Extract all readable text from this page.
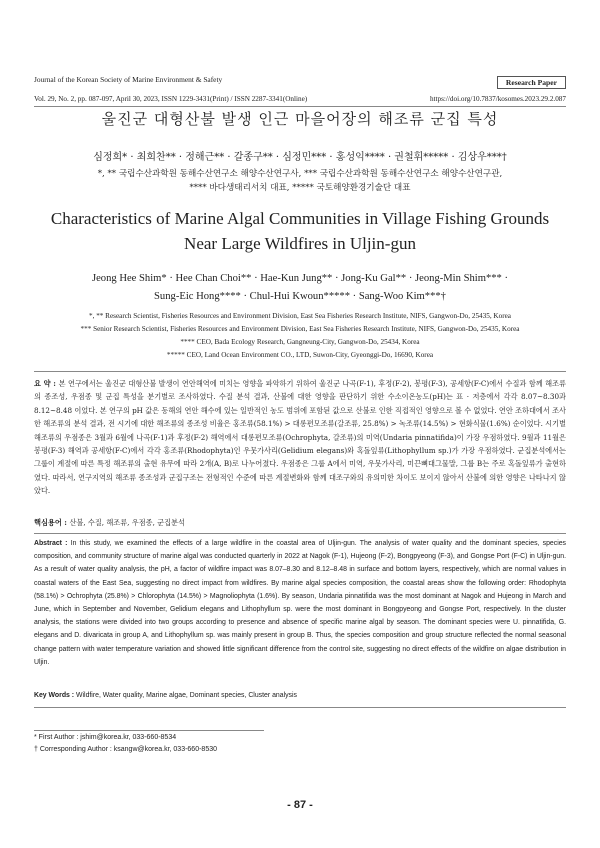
Journal of the Korean Society of Marine Environment & Safety	Research Paper
Vol. 29, No. 2, pp. 087-097, April 30, 2023, ISSN 1229-3431(Print) / ISSN 2287-3341(Online)	https://doi.org/10.7837/kosomes.2023.29.2.087
울진군 대형산불 발생 인근 마을어장의 해조류 군집 특성
심정희* · 최희찬** · 정해근** · 갈종구** · 심정민*** · 홍성익**** · 권철휘***** · 김상우***†
*, ** 국립수산과학원 동해수산연구소 해양수산연구사, *** 국립수산과학원 동해수산연구소 해양수산연구관,
**** 바다생태리서치 대표, ***** 국토해양환경기술단 대표
Characteristics of Marine Algal Communities in Village Fishing Grounds
Near Large Wildfires in Uljin-gun
Jeong Hee Shim* · Hee Chan Choi** · Hae-Kun Jung** · Jong-Ku Gal** · Jeong-Min Shim*** ·
Sung-Eic Hong**** · Chul-Hui Kwoun***** · Sang-Woo Kim***†
*, ** Research Scientist, Fisheries Resources and Environment Division, East Sea Fisheries Research Institute, NIFS, Gangwon-Do, 25435, Korea
*** Senior Research Scientist, Fisheries Resources and Environment Division, East Sea Fisheries Research Institute, NIFS, Gangwon-Do, 25435, Korea
**** CEO, Bada Ecology Research, Gangneung-City, Gangwon-Do, 25434, Korea
***** CEO, Land Ocean Environment CO., LTD, Suwon-City, Gyeonggi-Do, 16690, Korea
요 약 : 본 연구에서는 울진군 대형산불 발생이 연안해역에 미치는 영향을 파악하기 위하여 울진군 나곡(F-1), 후정(F-2), 봉평(F-3), 공세항(F-C)에서 수질과 함께 해조류의 종조성, 우점종 및 군집 특성을 분기별로 조사하였다. 수질 분석 결과, 산불에 대한 영향을 판단하기 위한 수소이온농도(pH)는 표 · 저층에서 각각 8.07~8.30과 8.12~8.48 이었다. 본 연구의 pH 값은 동해의 연안 해수에 있는 일반적인 농도 범위에 포함된 값으로 산불로 인한 직접적인 영향으로 볼 수 없었다. 연안 조하대에서 조사한 해조류의 분석 결과, 전 시기에 대한 해조류의 종조성 비율은 홍조류(58.1%) > 대롱편모조류(갈조류, 25.8%) > 녹조류(14.5%) > 현화식물(1.6%) 순이었다. 시기별 해조류의 우점종은 3월과 6월에 나곡(F-1)과 후정(F-2) 해역에서 대롱편모조류(Ochrophyta, 갈조류)의 미역(Undaria pinnatifida)이 가장 우점하였다. 9월과 11월은 봉평(F-3) 해역과 공세항(F-C)에서 각각 홍조류(Rhodophyta)인 우뭇가사리(Gelidium elegans)와 혹돌잎류(Lithophyllum sp.)가 가장 우점하였다. 군집분석에서는 그룹이 계절에 따른 특정 해조류의 출현 유무에 따라 2개(A, B)로 나누어졌다. 우점종은 그룹 A에서 미역, 우뭇가사리, 미끈뼈대그물말, 그룹 B는 주로 혹돌잎류가 출현하였다. 따라서, 연구지역의 해조류 종조성과 군집구조는 전형적인 수준에 따른 계절변화와 함께 대조구와의 유의미한 차이도 보이지 않아서 산불에 의한 영향은 나타나지 않았다.
핵심용어 : 산불, 수질, 해조류, 우점종, 군집분석
Abstract : In this study, we examined the effects of a large wildfire in the coastal area of Uljin-gun. The analysis of water quality and the dominant species, species composition, and community structure of marine algal was conducted quarterly in 2022 at Nagok (F-1), Hujeong (F-2), Bongpyeong (F-3), and Gongse Port (F-C) in Uljin-gun. As a result of water quality analysis, the pH, a factor of wildfire impact was 8.07–8.30 and 8.12–8.48 in surface and bottom layers, respectively, which are normal values in coastal waters of the East Sea, suggesting no direct impact from wildfires. By marine algal species composition, the coastal areas show the following order: Rhodophyta (58.1%) > Ochrophyta (25.8%) > Chlorophyta (14.5%) > Magnoliophyta (1.6%). By season, Undaria pinnatifida was the most dominant at Nagok and Hujeong in March and June, which in September and November, Gelidium elegans and Lithophyllum sp. were the most dominant in Bongpyeong and Gongse Port, respectively. In the cluster analysis, the stations were divided into two groups according to presence and absence of specific marine algal by season. The dominant species were U. pinnatifida, G. elegans and D. divaricata in group A, and Lithophyllum sp. was mainly present in group B. Thus, the species composition and group structure reflected the normal seasonal change pattern with water temperature variation and showed little significant difference from the control site, suggesting no direct effects of the wildfire on algae distribution in Uljin.
Key Words : Wildfire, Water quality, Marine algae, Dominant species, Cluster analysis
* First Author : jshim@korea.kr, 033-660-8534
† Corresponding Author : ksangw@korea.kr, 033-660-8530
- 87 -
